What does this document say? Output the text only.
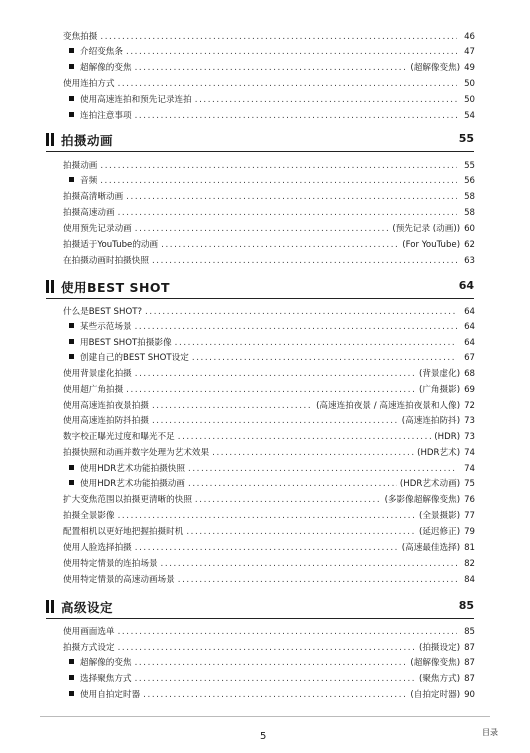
变焦拍摄 .....	46
介绍变焦条 .....	47
超解像的变焦 .....	(超解像变焦) 49
使用连拍方式 .....	50
使用高速连拍和预先记录连拍 .....	50
连拍注意事项 .....	54
拍摄动画	55
拍摄动画 .....	55
音频 .....	56
拍摄高清晰动画 .....	58
拍摄高速动画 .....	58
使用预先记录动画 .....	(预先记录 (动画)) 60
拍摄适于YouTube的动画 .....	(For YouTube) 62
在拍摄动画时拍摄快照 .....	63
使用BEST SHOT	64
什么是BEST SHOT? .....	64
某些示范场景 .....	64
用BEST SHOT拍摄影像 .....	64
创建自己的BEST SHOT设定 .....	67
使用背景虚化拍摄 .....	(背景虚化) 68
使用超广角拍摄 .....	(广角摄影) 69
使用高速连拍夜景拍摄 .....	(高速连拍夜景 / 高速连拍夜景和人像) 72
使用高速连拍防抖拍摄 .....	(高速连拍防抖) 73
数字校正曝光过度和曝光不足 .....	(HDR) 73
拍摄快照和动画并数字处理为艺术效果 .....	(HDR艺术) 74
使用HDR艺术功能拍摄快照 .....	74
使用HDR艺术功能拍摄动画 .....	(HDR艺术动画) 75
扩大变焦范围以拍摄更清晰的快照 .....	(多影像超解像变焦) 76
拍摄全景影像 .....	(全景摄影) 77
配置相机以更好地把握拍摄时机 .....	(延迟修正) 79
使用人脸选择拍摄 .....	(高速最佳选择) 81
使用特定情景的连拍场景 .....	82
使用特定情景的高速动画场景 .....	84
高级设定	85
使用画面选单 .....	85
拍摄方式设定 .....	(拍摄设定) 87
超解像的变焦 .....	(超解像变焦) 87
选择聚焦方式 .....	(聚焦方式) 87
使用自拍定时器 .....	(自拍定时器) 90
5	目录
